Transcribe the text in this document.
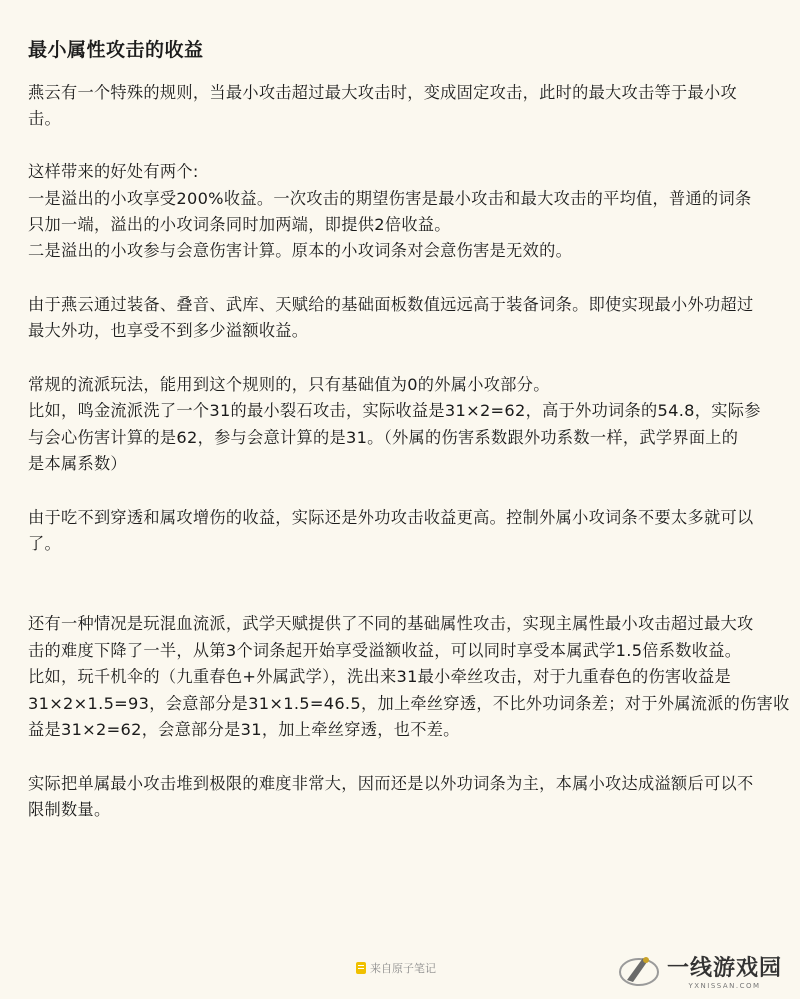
最小属性攻击的收益
燕云有一个特殊的规则，当最小攻击超过最大攻击时，变成固定攻击，此时的最大攻击等于最小攻
击。
这样带来的好处有两个:
一是溢出的小攻享受200%收益。一次攻击的期望伤害是最小攻击和最大攻击的平均值，普通的词条
只加一端，溢出的小攻词条同时加两端，即提供2倍收益。
二是溢出的小攻参与会意伤害计算。原本的小攻词条对会意伤害是无效的。
由于燕云通过装备、叠音、武库、天赋给的基础面板数值远远高于装备词条。即使实现最小外功超过
最大外功，也享受不到多少溢额收益。
常规的流派玩法，能用到这个规则的，只有基础值为0的外属小攻部分。
比如，鸣金流派洗了一个31的最小裂石攻击，实际收益是31×2=62，高于外功词条的54.8，实际参
与会心伤害计算的是62，参与会意计算的是31。（外属的伤害系数跟外功系数一样，武学界面上的
是本属系数）
由于吃不到穿透和属攻增伤的收益，实际还是外功攻击收益更高。控制外属小攻词条不要太多就可以
了。
还有一种情况是玩混血流派，武学天赋提供了不同的基础属性攻击，实现主属性最小攻击超过最大攻
击的难度下降了一半，从第3个词条起开始享受溢额收益，可以同时享受本属武学1.5倍系数收益。
比如，玩千机伞的（九重春色+外属武学），洗出来31最小牵丝攻击，对于九重春色的伤害收益是
31×2×1.5=93，会意部分是31×1.5=46.5，加上牵丝穿透，不比外功词条差；对于外属流派的伤害收
益是31×2=62，会意部分是31，加上牵丝穿透，也不差。
实际把单属最小攻击堆到极限的难度非常大，因而还是以外功词条为主，本属小攻达成溢额后可以不
限制数量。
来自原子笔记	一线游戏园
YXNISSAN.COM
